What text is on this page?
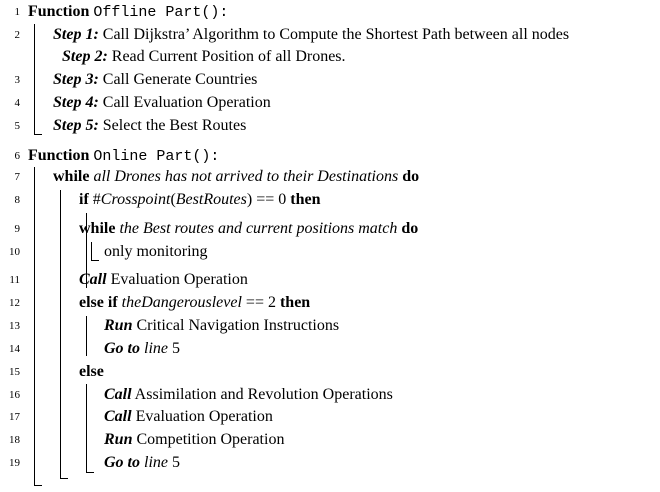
1 Function Offline Part():
2 Step 1: Call Dijkstra’ Algorithm to Compute the Shortest Path between all nodes
Step 2: Read Current Position of all Drones.
3 Step 3: Call Generate Countries
4 Step 4: Call Evaluation Operation
5 Step 5: Select the Best Routes
6 Function Online Part():
7 while all Drones has not arrived to their Destinations do
8	if #Crosspoint(BestRoutes) == 0 then
9	while the Best routes and current positions match do
10	only monitoring
11	Call Evaluation Operation
12	else if theDangerouslevel == 2 then
13	Run Critical Navigation Instructions
14	Go to line 5
15	else
16	Call Assimilation and Revolution Operations
17	Call Evaluation Operation
18	Run Competition Operation
19	Go to line 5
